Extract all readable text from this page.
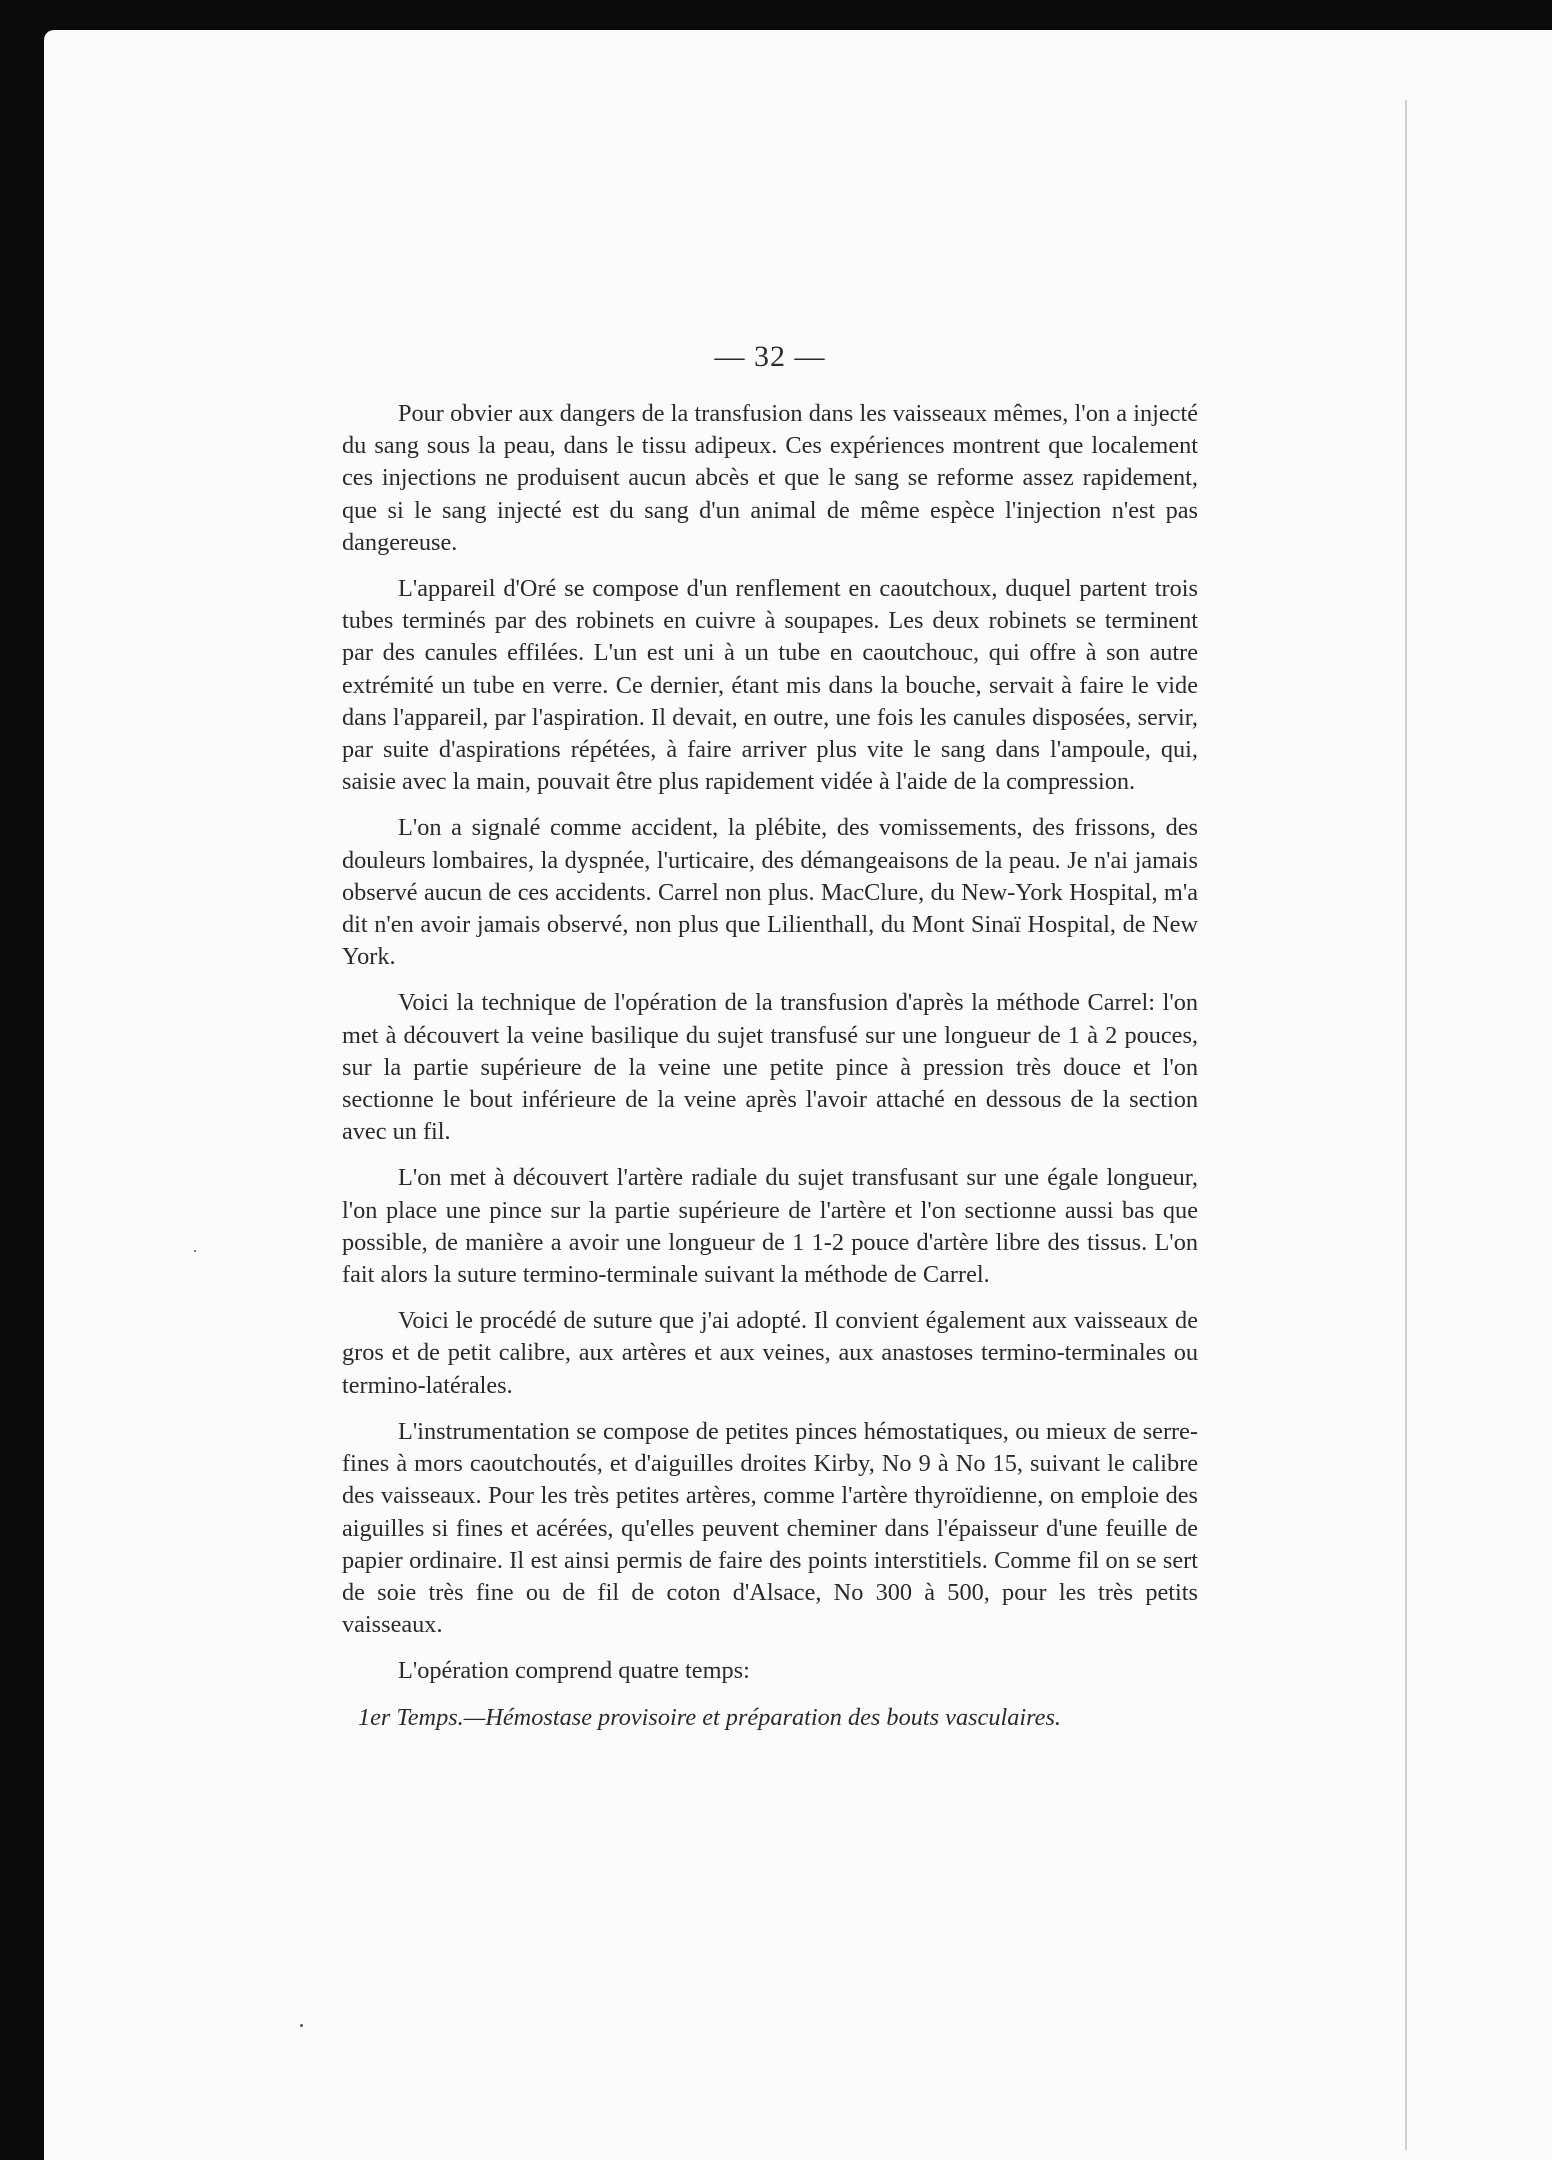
— 32 —

Pour obvier aux dangers de la transfusion dans les vaisseaux mêmes, l'on a injecté du sang sous la peau, dans le tissu adipeux. Ces expériences montrent que localement ces injections ne produisent aucun abcès et que le sang se reforme assez rapidement, que si le sang injecté est du sang d'un animal de même espèce l'injection n'est pas dangereuse.

L'appareil d'Oré se compose d'un renflement en caoutchoux, duquel partent trois tubes terminés par des robinets en cuivre à soupapes. Les deux robinets se terminent par des canules effilées. L'un est uni à un tube en caoutchouc, qui offre à son autre extrémité un tube en verre. Ce dernier, étant mis dans la bouche, servait à faire le vide dans l'appareil, par l'aspiration. Il devait, en outre, une fois les canules disposées, servir, par suite d'aspirations répétées, à faire arriver plus vite le sang dans l'ampoule, qui, saisie avec la main, pouvait être plus rapidement vidée à l'aide de la compression.

L'on a signalé comme accident, la plébite, des vomissements, des frissons, des douleurs lombaires, la dyspnée, l'urticaire, des démangeaisons de la peau. Je n'ai jamais observé aucun de ces accidents. Carrel non plus. MacClure, du New-York Hospital, m'a dit n'en avoir jamais observé, non plus que Lilienthall, du Mont Sinaï Hospital, de New York.

Voici la technique de l'opération de la transfusion d'après la méthode Carrel: l'on met à découvert la veine basilique du sujet transfusé sur une longueur de 1 à 2 pouces, sur la partie supérieure de la veine une petite pince à pression très douce et l'on sectionne le bout inférieure de la veine après l'avoir attaché en dessous de la section avec un fil.

L'on met à découvert l'artère radiale du sujet transfusant sur une égale longueur, l'on place une pince sur la partie supérieure de l'artère et l'on sectionne aussi bas que possible, de manière a avoir une longueur de 1 1-2 pouce d'artère libre des tissus. L'on fait alors la suture termino-terminale suivant la méthode de Carrel.

Voici le procédé de suture que j'ai adopté. Il convient également aux vaisseaux de gros et de petit calibre, aux artères et aux veines, aux anastoses termino-terminales ou termino-latérales.

L'instrumentation se compose de petites pinces hémostatiques, ou mieux de serre-fines à mors caoutchoutés, et d'aiguilles droites Kirby, No 9 à No 15, suivant le calibre des vaisseaux. Pour les très petites artères, comme l'artère thyroïdienne, on emploie des aiguilles si fines et acérées, qu'elles peuvent cheminer dans l'épaisseur d'une feuille de papier ordinaire. Il est ainsi permis de faire des points interstitiels. Comme fil on se sert de soie très fine ou de fil de coton d'Alsace, No 300 à 500, pour les très petits vaisseaux.

L'opération comprend quatre temps:

1er Temps.—Hémostase provisoire et préparation des bouts vasculaires.
